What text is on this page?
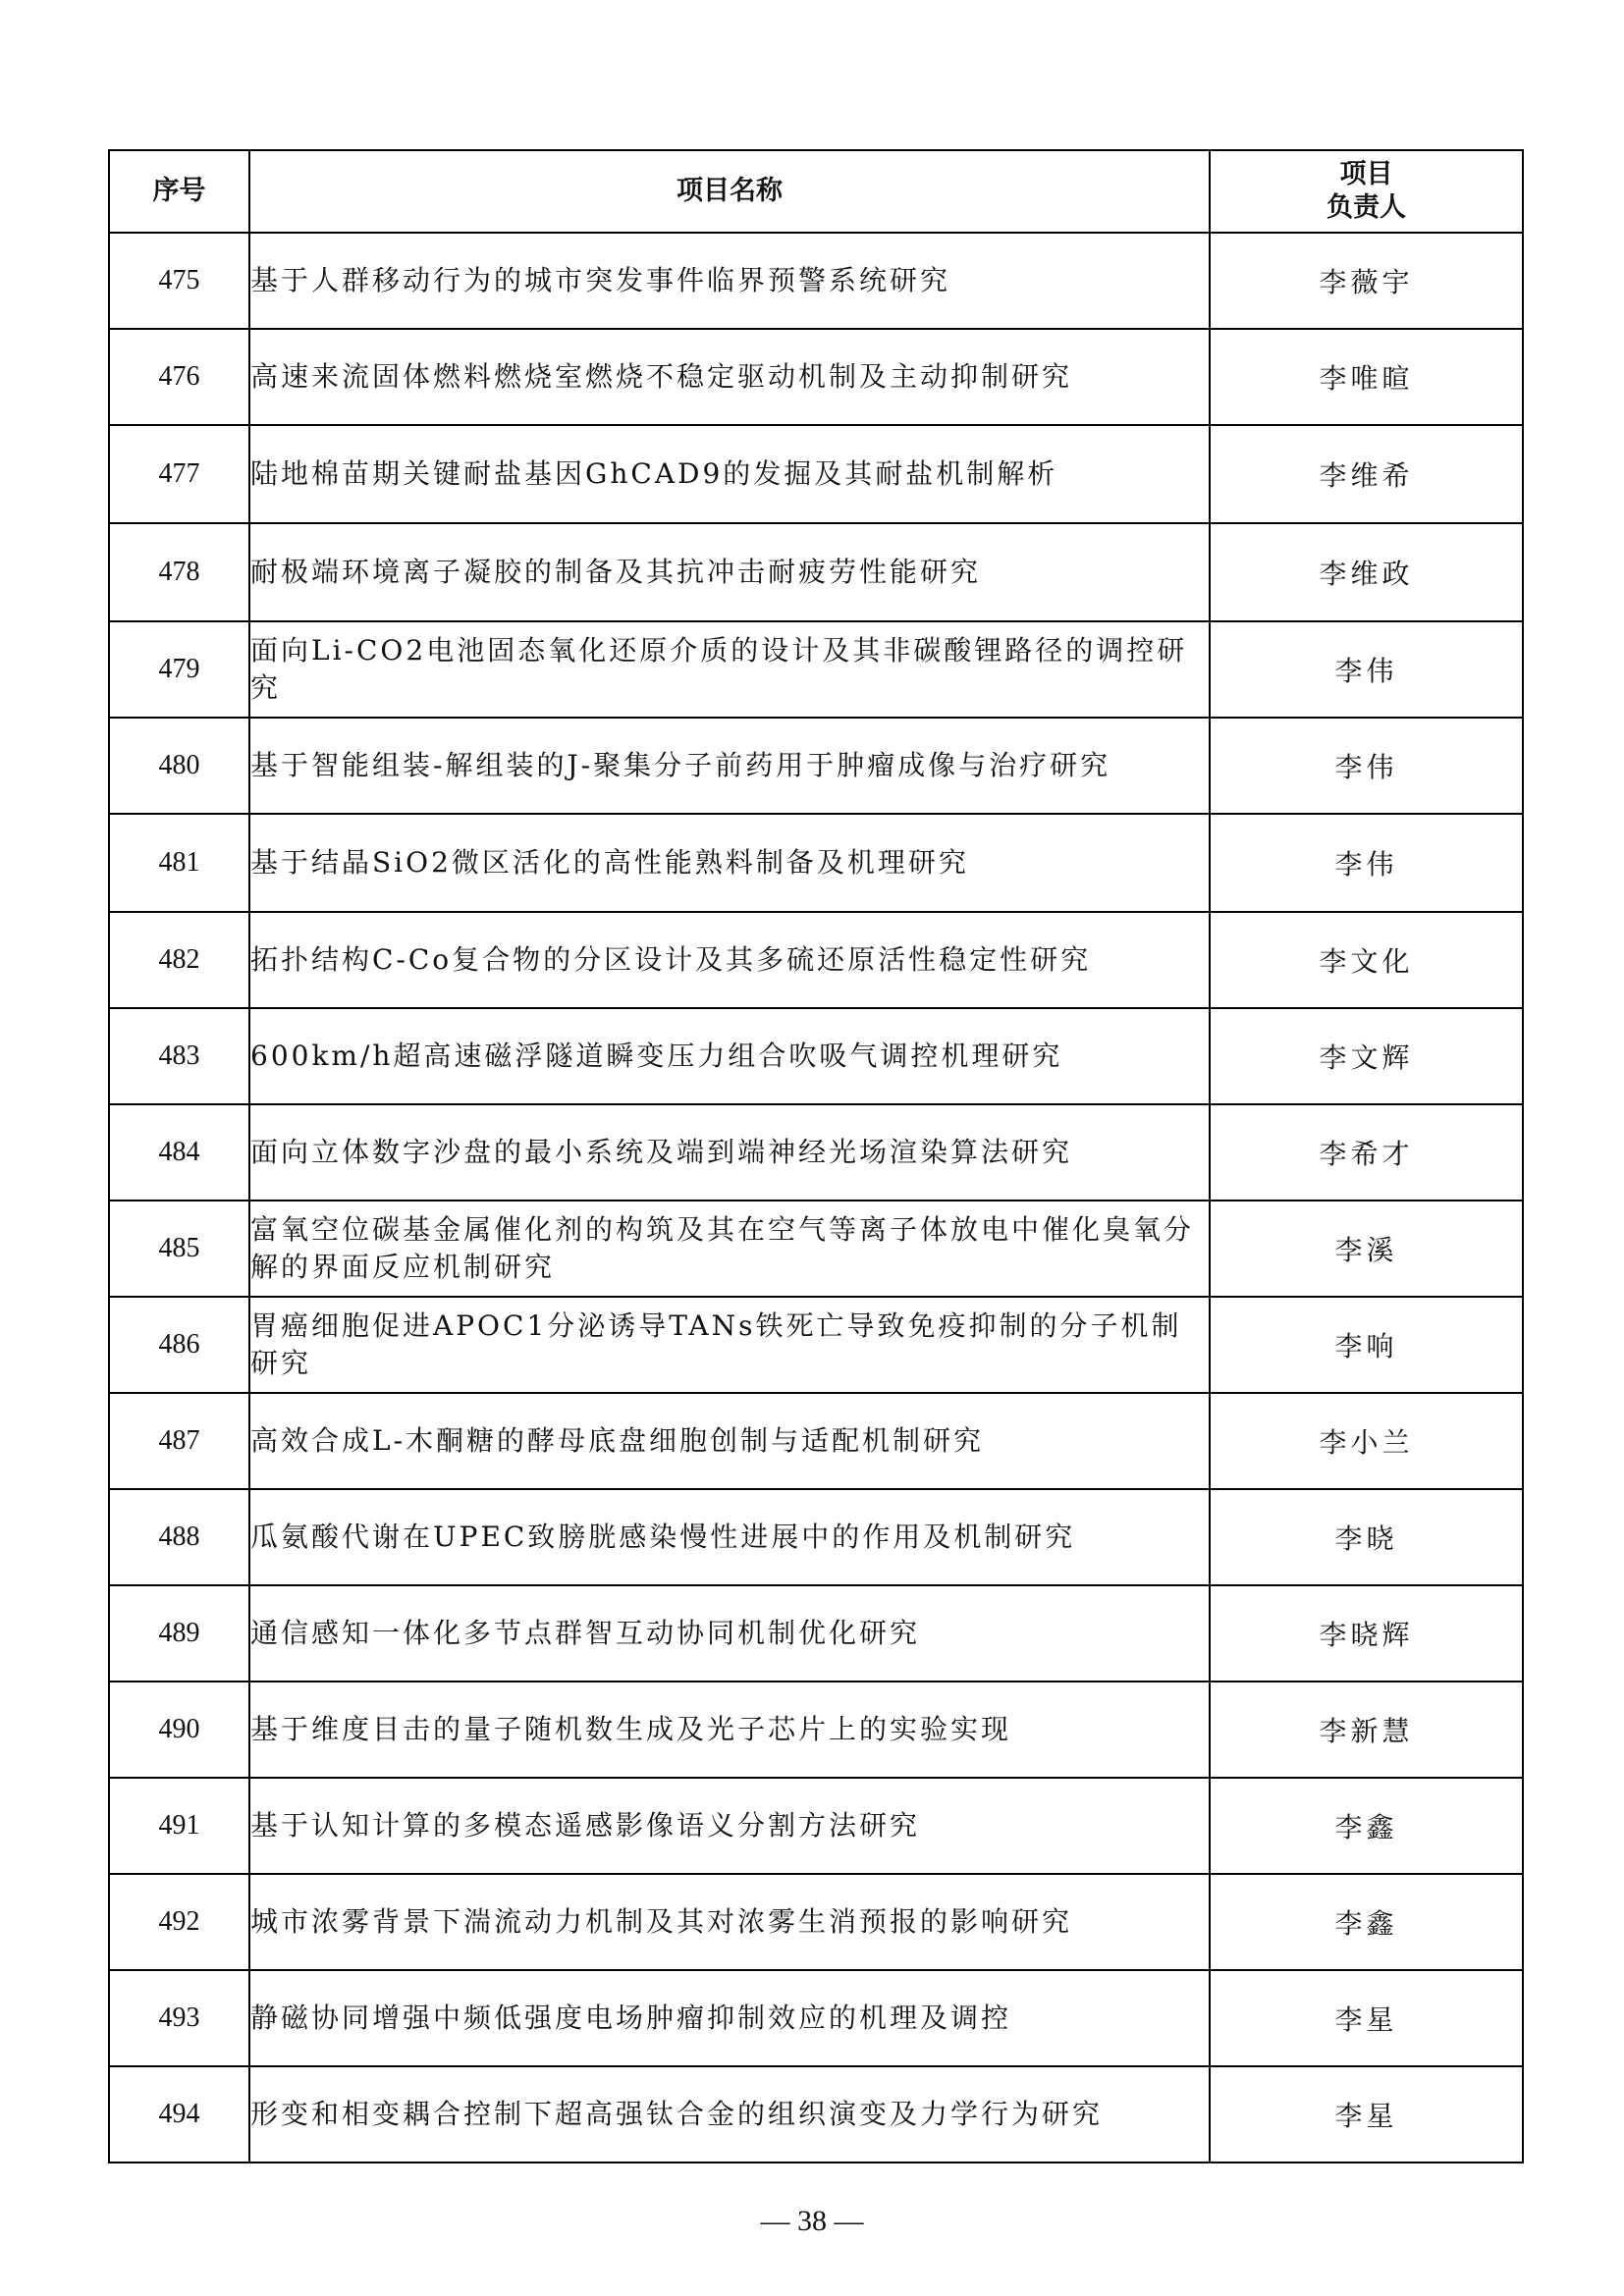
序号	项目名称	项目
负责人

475	基于人群移动行为的城市突发事件临界预警系统研究	李薇宇
476	高速来流固体燃料燃烧室燃烧不稳定驱动机制及主动抑制研究	李唯暄
477	陆地棉苗期关键耐盐基因GhCAD9的发掘及其耐盐机制解析	李维希
478	耐极端环境离子凝胶的制备及其抗冲击耐疲劳性能研究	李维政
479	面向Li-CO2电池固态氧化还原介质的设计及其非碳酸锂路径的调控研究	李伟
480	基于智能组装-解组装的J-聚集分子前药用于肿瘤成像与治疗研究	李伟
481	基于结晶SiO2微区活化的高性能熟料制备及机理研究	李伟
482	拓扑结构C-Co复合物的分区设计及其多硫还原活性稳定性研究	李文化
483	600km/h超高速磁浮隧道瞬变压力组合吹吸气调控机理研究	李文辉
484	面向立体数字沙盘的最小系统及端到端神经光场渲染算法研究	李希才
485	富氧空位碳基金属催化剂的构筑及其在空气等离子体放电中催化臭氧分解的界面反应机制研究	李溪
486	胃癌细胞促进APOC1分泌诱导TANs铁死亡导致免疫抑制的分子机制研究	李响
487	高效合成L-木酮糖的酵母底盘细胞创制与适配机制研究	李小兰
488	瓜氨酸代谢在UPEC致膀胱感染慢性进展中的作用及机制研究	李晓
489	通信感知一体化多节点群智互动协同机制优化研究	李晓辉
490	基于维度目击的量子随机数生成及光子芯片上的实验实现	李新慧
491	基于认知计算的多模态遥感影像语义分割方法研究	李鑫
492	城市浓雾背景下湍流动力机制及其对浓雾生消预报的影响研究	李鑫
493	静磁协同增强中频低强度电场肿瘤抑制效应的机理及调控	李星
494	形变和相变耦合控制下超高强钛合金的组织演变及力学行为研究	李星
— 38 —
